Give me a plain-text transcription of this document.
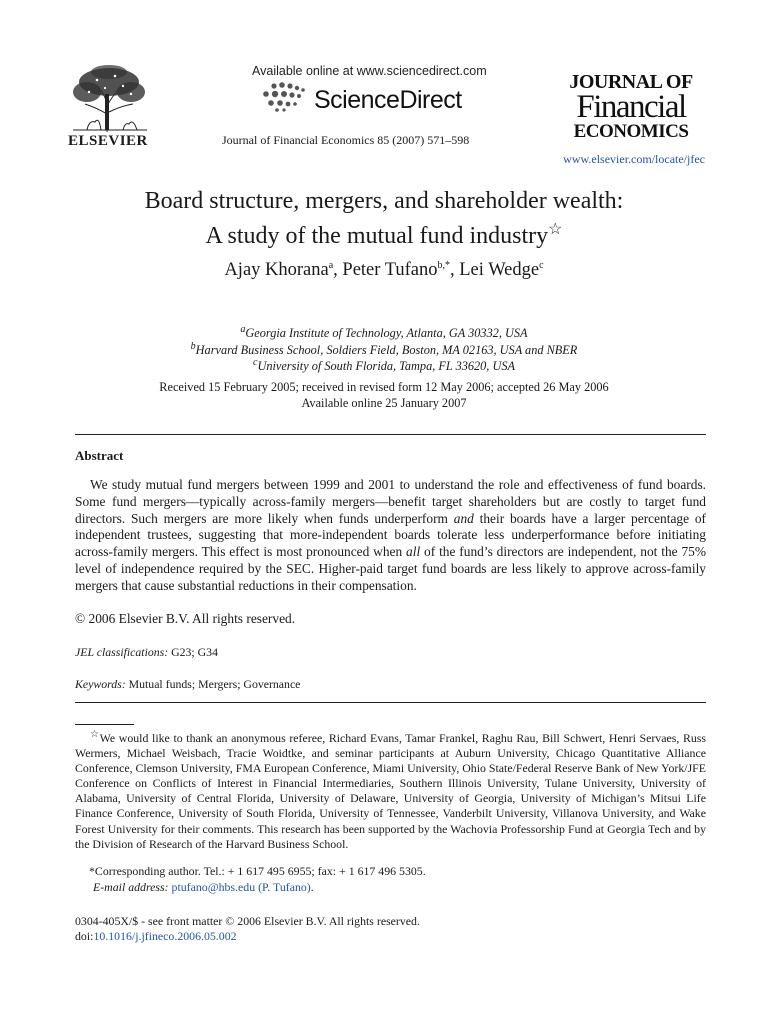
ELSEVIER
Available online at www.sciencedirect.com
ScienceDirect
Journal of Financial Economics 85 (2007) 571–598
JOURNAL OF
Financial
ECONOMICS
www.elsevier.com/locate/jfec
Board structure, mergers, and shareholder wealth:
A study of the mutual fund industry☆
Ajay Khorana$^a$, Peter Tufano$^{b,*}$, Lei Wedge$^c$
$^a$Georgia Institute of Technology, Atlanta, GA 30332, USA
$^b$Harvard Business School, Soldiers Field, Boston, MA 02163, USA and NBER
$^c$University of South Florida, Tampa, FL 33620, USA
Received 15 February 2005; received in revised form 12 May 2006; accepted 26 May 2006
Available online 25 January 2007
Abstract
We study mutual fund mergers between 1999 and 2001 to understand the role and effectiveness of fund boards. Some fund mergers—typically across-family mergers—benefit target shareholders but are costly to target fund directors. Such mergers are more likely when funds underperform and their boards have a larger percentage of independent trustees, suggesting that more-independent boards tolerate less underperformance before initiating across-family mergers. This effect is most pronounced when all of the fund’s directors are independent, not the 75% level of independence required by the SEC. Higher-paid target fund boards are less likely to approve across-family mergers that cause substantial reductions in their compensation.
© 2006 Elsevier B.V. All rights reserved.
JEL classifications: G23; G34
Keywords: Mutual funds; Mergers; Governance
☆We would like to thank an anonymous referee, Richard Evans, Tamar Frankel, Raghu Rau, Bill Schwert, Henri Servaes, Russ Wermers, Michael Weisbach, Tracie Woidtke, and seminar participants at Auburn University, Chicago Quantitative Alliance Conference, Clemson University, FMA European Conference, Miami University, Ohio State/Federal Reserve Bank of New York/JFE Conference on Conflicts of Interest in Financial Intermediaries, Southern Illinois University, Tulane University, University of Alabama, University of Central Florida, University of Delaware, University of Georgia, University of Michigan’s Mitsui Life Finance Conference, University of South Florida, University of Tennessee, Vanderbilt University, Villanova University, and Wake Forest University for their comments. This research has been supported by the Wachovia Professorship Fund at Georgia Tech and by the Division of Research of the Harvard Business School.
*Corresponding author. Tel.: + 1 617 495 6955; fax: + 1 617 496 5305.
E-mail address: ptufano@hbs.edu (P. Tufano).
0304-405X/$ - see front matter © 2006 Elsevier B.V. All rights reserved.
doi:10.1016/j.jfineco.2006.05.002
